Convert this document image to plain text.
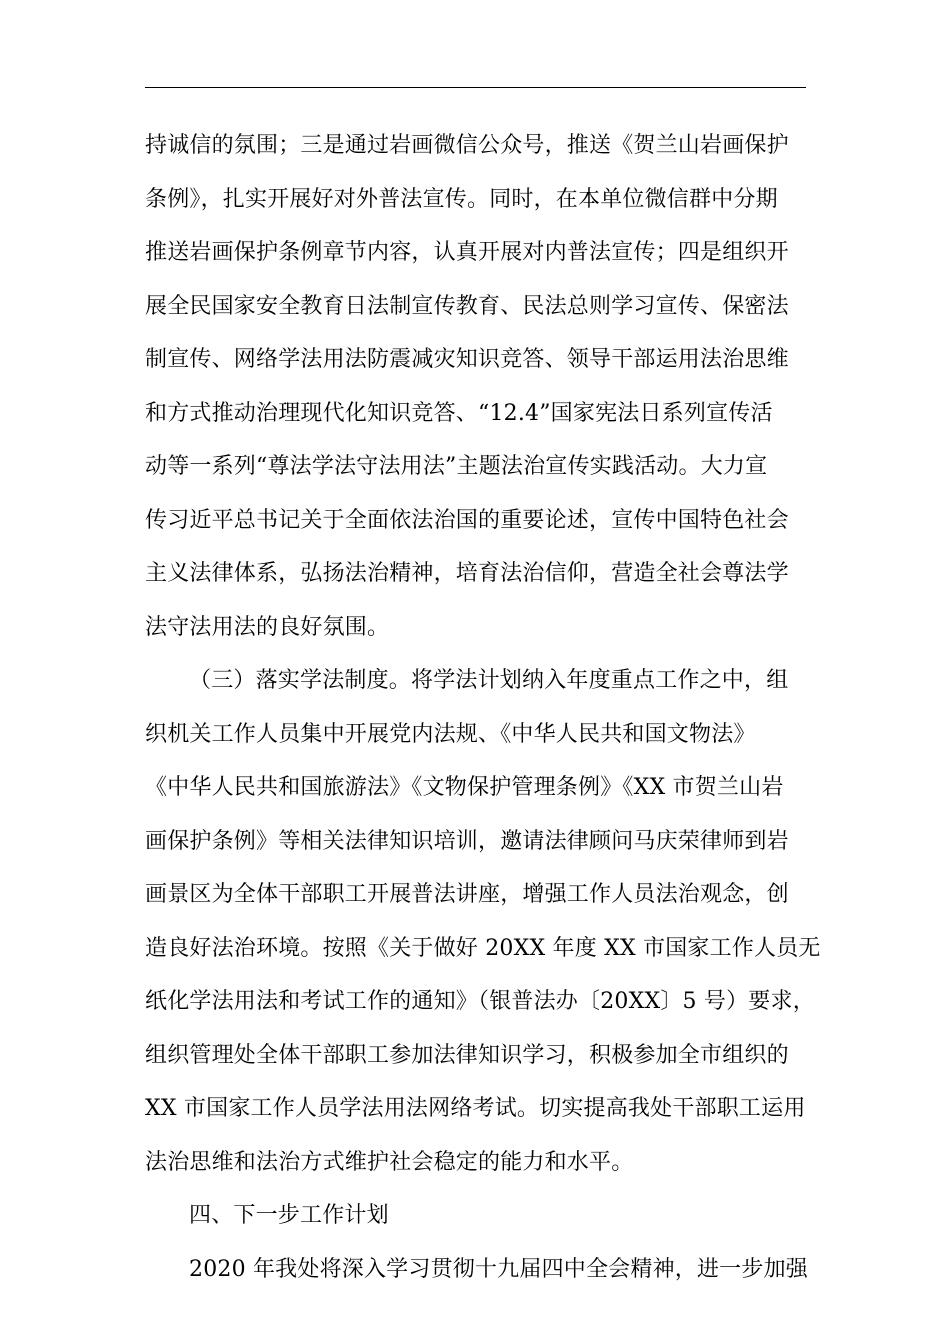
持诚信的氛围；三是通过岩画微信公众号，推送《贺兰山岩画保护
条例》，扎实开展好对外普法宣传。同时，在本单位微信群中分期
推送岩画保护条例章节内容，认真开展对内普法宣传；四是组织开
展全民国家安全教育日法制宣传教育、民法总则学习宣传、保密法
制宣传、网络学法用法防震减灾知识竞答、领导干部运用法治思维
和方式推动治理现代化知识竞答、“12.4”国家宪法日系列宣传活
动等一系列“尊法学法守法用法”主题法治宣传实践活动。大力宣
传习近平总书记关于全面依法治国的重要论述，宣传中国特色社会
主义法律体系，弘扬法治精神，培育法治信仰，营造全社会尊法学
法守法用法的良好氛围。
（三）落实学法制度。将学法计划纳入年度重点工作之中，组
织机关工作人员集中开展党内法规、《中华人民共和国文物法》
《中华人民共和国旅游法》《文物保护管理条例》《XX 市贺兰山岩
画保护条例》等相关法律知识培训，邀请法律顾问马庆荣律师到岩
画景区为全体干部职工开展普法讲座，增强工作人员法治观念，创
造良好法治环境。按照《关于做好 20XX 年度 XX 市国家工作人员无
纸化学法用法和考试工作的通知》（银普法办〔20XX〕5 号）要求，
组织管理处全体干部职工参加法律知识学习，积极参加全市组织的
XX 市国家工作人员学法用法网络考试。切实提高我处干部职工运用
法治思维和法治方式维护社会稳定的能力和水平。
四、下一步工作计划
2020 年我处将深入学习贯彻十九届四中全会精神，进一步加强
